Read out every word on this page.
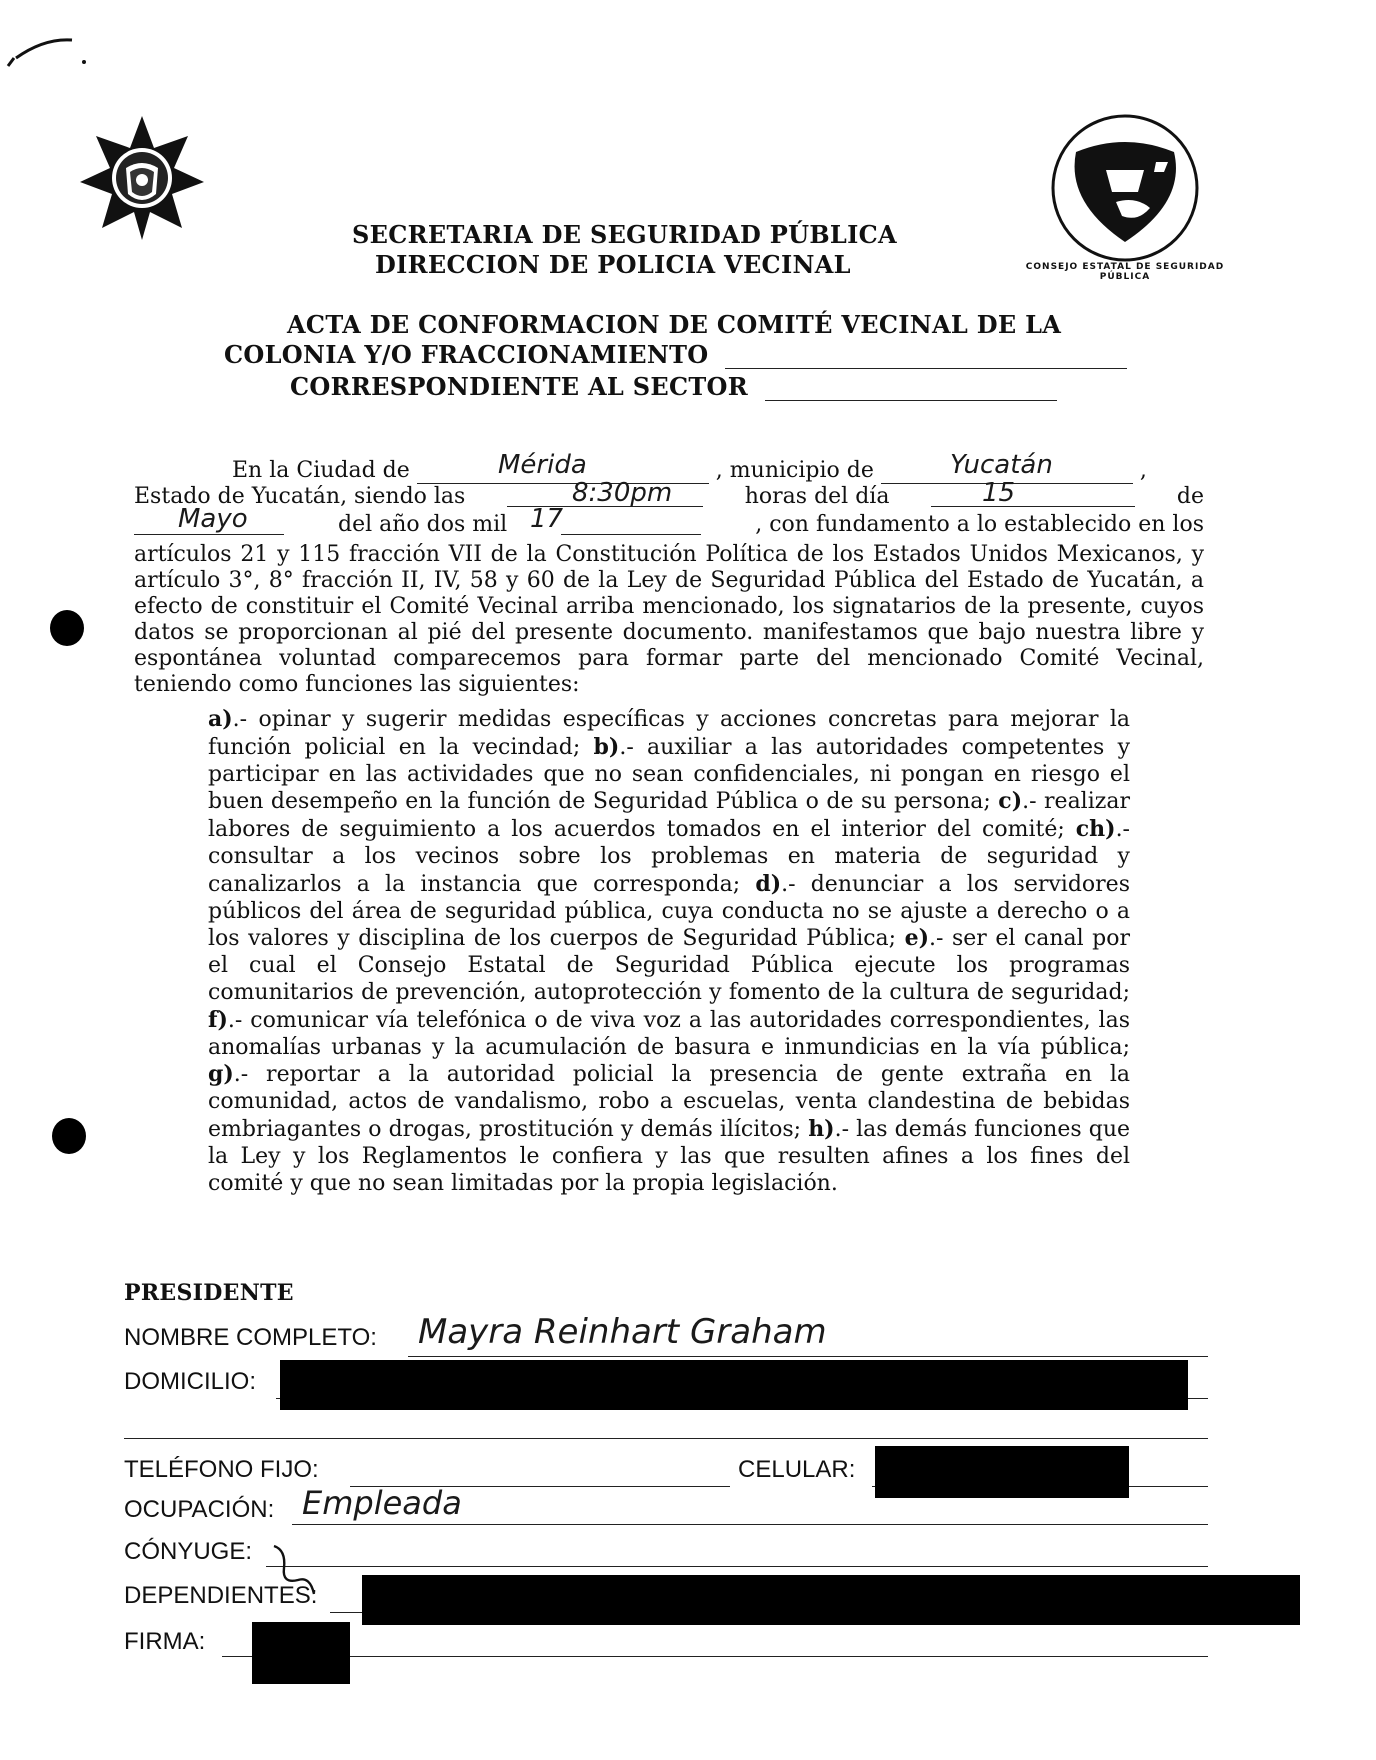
CONSEJO ESTATAL DE SEGURIDAD PÚBLICA
SECRETARIA DE SEGURIDAD PÚBLICA
DIRECCION DE POLICIA VECINAL
ACTA DE CONFORMACION DE COMITÉ VECINAL DE LA
COLONIA Y/O FRACCIONAMIENTO
CORRESPONDIENTE AL SECTOR
En la Ciudad de	, municipio de	,
Mérida	Yucatán
Estado de Yucatán, siendo las	horas del día	de
8:30pm	15
del año dos mil	, con fundamento a lo establecido en los
Mayo	17
artículos 21 y 115 fracción VII de la Constitución Política de los Estados Unidos Mexicanos, y artículo 3°, 8° fracción II, IV, 58 y 60 de la Ley de Seguridad Pública del Estado de Yucatán, a efecto de constituir el Comité Vecinal arriba mencionado, los signatarios de la presente, cuyos datos se proporcionan al pié del presente documento. manifestamos que bajo nuestra libre y espontánea voluntad comparecemos para formar parte del mencionado Comité Vecinal, teniendo como funciones las siguientes:
a).- opinar y sugerir medidas específicas y acciones concretas para mejorar la función policial en la vecindad; b).- auxiliar a las autoridades competentes y participar en las actividades que no sean confidenciales, ni pongan en riesgo el buen desempeño en la función de Seguridad Pública o de su persona; c).- realizar labores de seguimiento a los acuerdos tomados en el interior del comité; ch).- consultar a los vecinos sobre los problemas en materia de seguridad y canalizarlos a la instancia que corresponda; d).- denunciar a los servidores públicos del área de seguridad pública, cuya conducta no se ajuste a derecho o a los valores y disciplina de los cuerpos de Seguridad Pública; e).- ser el canal por el cual el Consejo Estatal de Seguridad Pública ejecute los programas comunitarios de prevención, autoprotección y fomento de la cultura de seguridad; f).- comunicar vía telefónica o de viva voz a las autoridades correspondientes, las anomalías urbanas y la acumulación de basura e inmundicias en la vía pública; g).- reportar a la autoridad policial la presencia de gente extraña en la comunidad, actos de vandalismo, robo a escuelas, venta clandestina de bebidas embriagantes o drogas, prostitución y demás ilícitos; h).- las demás funciones que la Ley y los Reglamentos le confiera y las que resulten afines a los fines del comité y que no sean limitadas por la propia legislación.
PRESIDENTE
NOMBRE COMPLETO: Mayra Reinhart Graham
DOMICILIO:
TELÉFONO FIJO:	CELULAR:
OCUPACIÓN: Empleada
CÓNYUGE:
DEPENDIENTES:
FIRMA:
